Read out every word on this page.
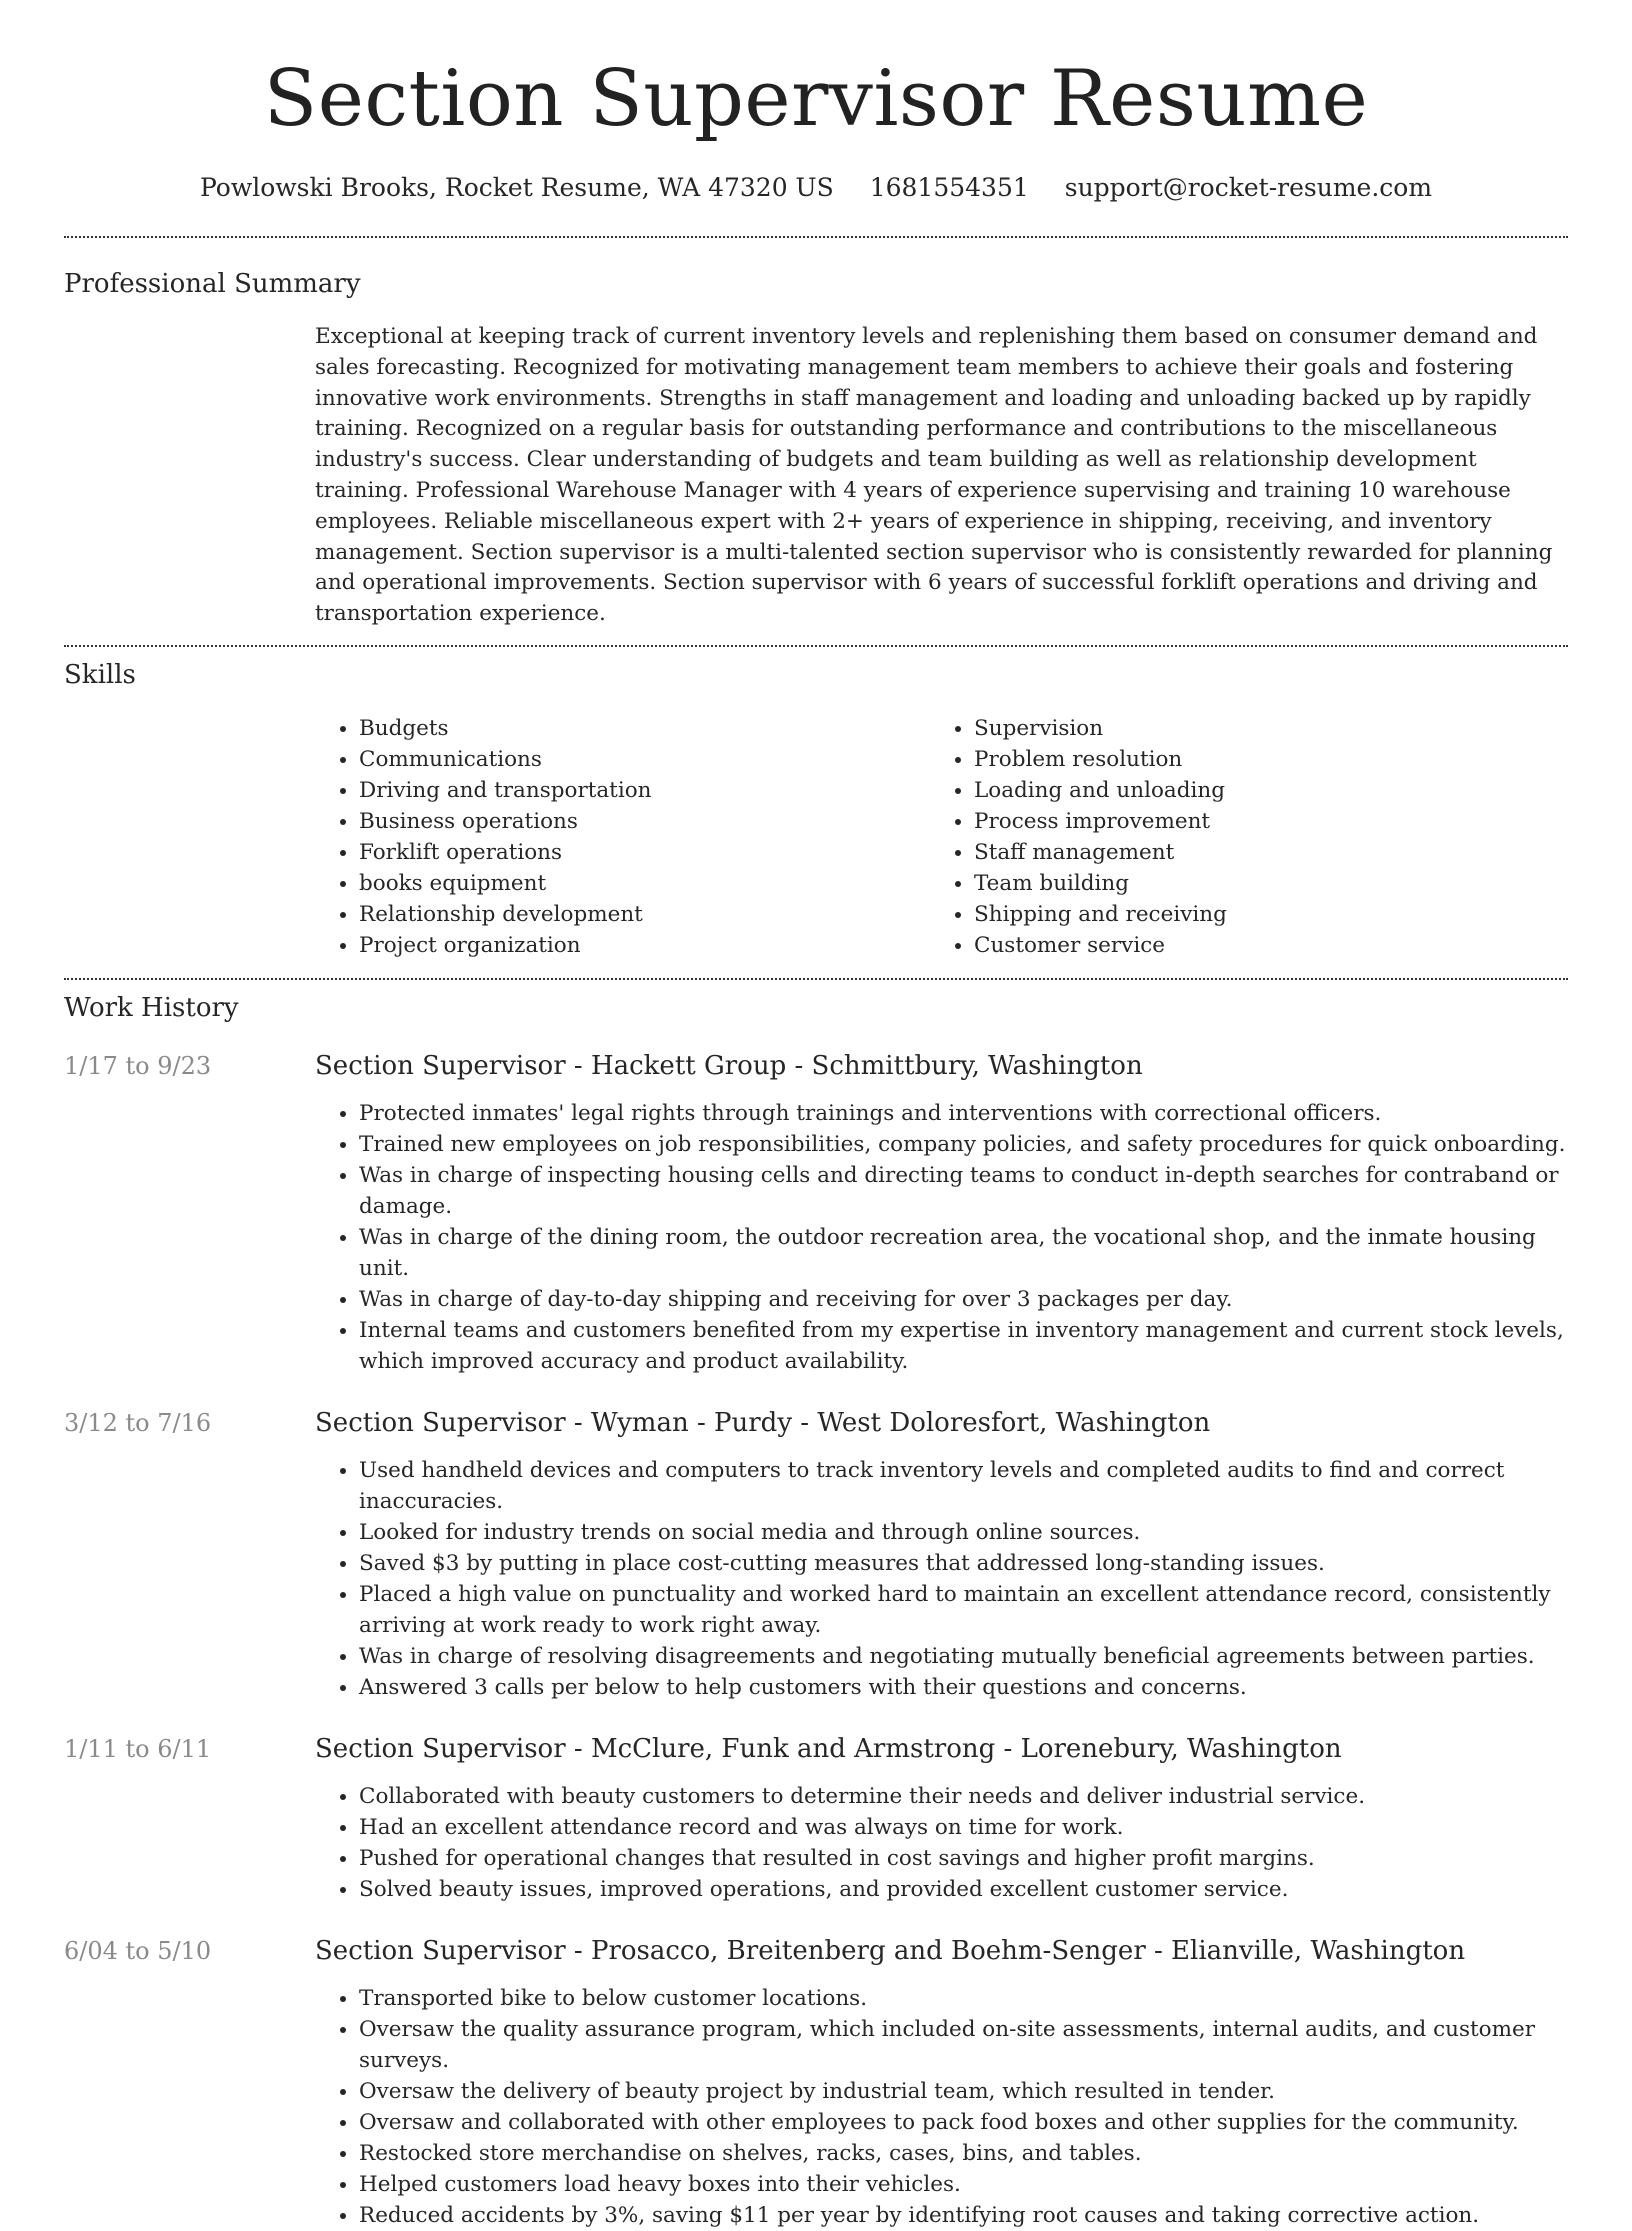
Section Supervisor Resume
Powlowski Brooks, Rocket Resume, WA 47320 US 1681554351 support@rocket-resume.com
Professional Summary

Exceptional at keeping track of current inventory levels and replenishing them based on consumer demand and sales forecasting. Recognized for motivating management team members to achieve their goals and fostering innovative work environments. Strengths in staff management and loading and unloading backed up by rapidly training. Recognized on a regular basis for outstanding performance and contributions to the miscellaneous industry's success. Clear understanding of budgets and team building as well as relationship development training. Professional Warehouse Manager with 4 years of experience supervising and training 10 warehouse employees. Reliable miscellaneous expert with 2+ years of experience in shipping, receiving, and inventory management. Section supervisor is a multi-talented section supervisor who is consistently rewarded for planning and operational improvements. Section supervisor with 6 years of successful forklift operations and driving and transportation experience.

Skills
• Budgets
• Communications
• Driving and transportation
• Business operations
• Forklift operations
• books equipment
• Relationship development
• Project organization
• Supervision
• Problem resolution
• Loading and unloading
• Process improvement
• Staff management
• Team building
• Shipping and receiving
• Customer service
Work History
1/17 to 9/23	Section Supervisor - Hackett Group - Schmittbury, Washington
• Protected inmates' legal rights through trainings and interventions with correctional officers.
• Trained new employees on job responsibilities, company policies, and safety procedures for quick onboarding.
• Was in charge of inspecting housing cells and directing teams to conduct in-depth searches for contraband or damage.
• Was in charge of the dining room, the outdoor recreation area, the vocational shop, and the inmate housing unit.
• Was in charge of day-to-day shipping and receiving for over 3 packages per day.
• Internal teams and customers benefited from my expertise in inventory management and current stock levels, which improved accuracy and product availability.
3/12 to 7/16	Section Supervisor - Wyman - Purdy - West Doloresfort, Washington
• Used handheld devices and computers to track inventory levels and completed audits to find and correct inaccuracies.
• Looked for industry trends on social media and through online sources.
• Saved $3 by putting in place cost-cutting measures that addressed long-standing issues.
• Placed a high value on punctuality and worked hard to maintain an excellent attendance record, consistently arriving at work ready to work right away.
• Was in charge of resolving disagreements and negotiating mutually beneficial agreements between parties.
• Answered 3 calls per below to help customers with their questions and concerns.
1/11 to 6/11	Section Supervisor - McClure, Funk and Armstrong - Lorenebury, Washington
• Collaborated with beauty customers to determine their needs and deliver industrial service.
• Had an excellent attendance record and was always on time for work.
• Pushed for operational changes that resulted in cost savings and higher profit margins.
• Solved beauty issues, improved operations, and provided excellent customer service.
6/04 to 5/10	Section Supervisor - Prosacco, Breitenberg and Boehm-Senger - Elianville, Washington
• Transported bike to below customer locations.
• Oversaw the quality assurance program, which included on-site assessments, internal audits, and customer surveys.
• Oversaw the delivery of beauty project by industrial team, which resulted in tender.
• Oversaw and collaborated with other employees to pack food boxes and other supplies for the community.
• Restocked store merchandise on shelves, racks, cases, bins, and tables.
• Helped customers load heavy boxes into their vehicles.
• Reduced accidents by 3%, saving $11 per year by identifying root causes and taking corrective action.
